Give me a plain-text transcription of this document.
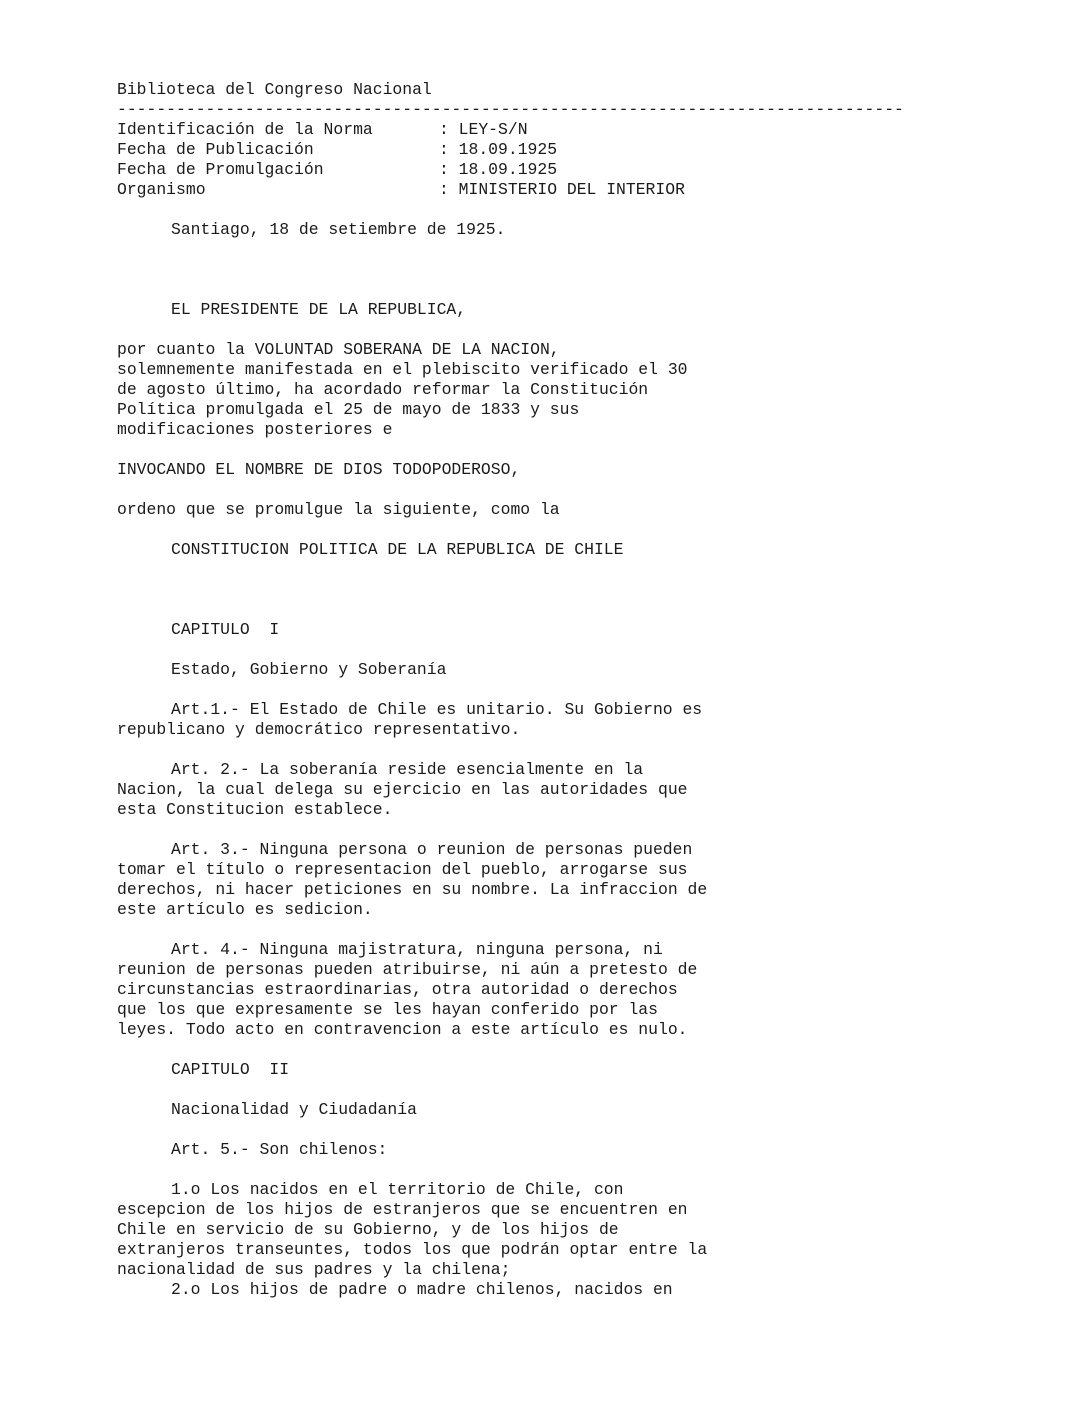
Biblioteca del Congreso Nacional
--------------------------------------------------------------------------------
Identificación de la Norma	: LEY-S/N
Fecha de Publicación	: 18.09.1925
Fecha de Promulgación	: 18.09.1925
Organismo	: MINISTERIO DEL INTERIOR
Santiago, 18 de setiembre de 1925.
EL PRESIDENTE DE LA REPUBLICA,
por cuanto la VOLUNTAD SOBERANA DE LA NACION,
solemnemente manifestada en el plebiscito verificado el 30
de agosto último, ha acordado reformar la Constitución
Política promulgada el 25 de mayo de 1833 y sus
modificaciones posteriores e
INVOCANDO EL NOMBRE DE DIOS TODOPODEROSO,
ordeno que se promulgue la siguiente, como la
CONSTITUCION POLITICA DE LA REPUBLICA DE CHILE
CAPITULO  I
Estado, Gobierno y Soberanía
Art.1.- El Estado de Chile es unitario. Su Gobierno es
republicano y democrático representativo.
Art. 2.- La soberanía reside esencialmente en la
Nacion, la cual delega su ejercicio en las autoridades que
esta Constitucion establece.
Art. 3.- Ninguna persona o reunion de personas pueden
tomar el título o representacion del pueblo, arrogarse sus
derechos, ni hacer peticiones en su nombre. La infraccion de
este artículo es sedicion.
Art. 4.- Ninguna majistratura, ninguna persona, ni
reunion de personas pueden atribuirse, ni aún a pretesto de
circunstancias estraordinarias, otra autoridad o derechos
que los que expresamente se les hayan conferido por las
leyes. Todo acto en contravencion a este artículo es nulo.
CAPITULO  II
Nacionalidad y Ciudadanía
Art. 5.- Son chilenos:
1.o Los nacidos en el territorio de Chile, con
escepcion de los hijos de estranjeros que se encuentren en
Chile en servicio de su Gobierno, y de los hijos de
extranjeros transeuntes, todos los que podrán optar entre la
nacionalidad de sus padres y la chilena;
2.o Los hijos de padre o madre chilenos, nacidos en
